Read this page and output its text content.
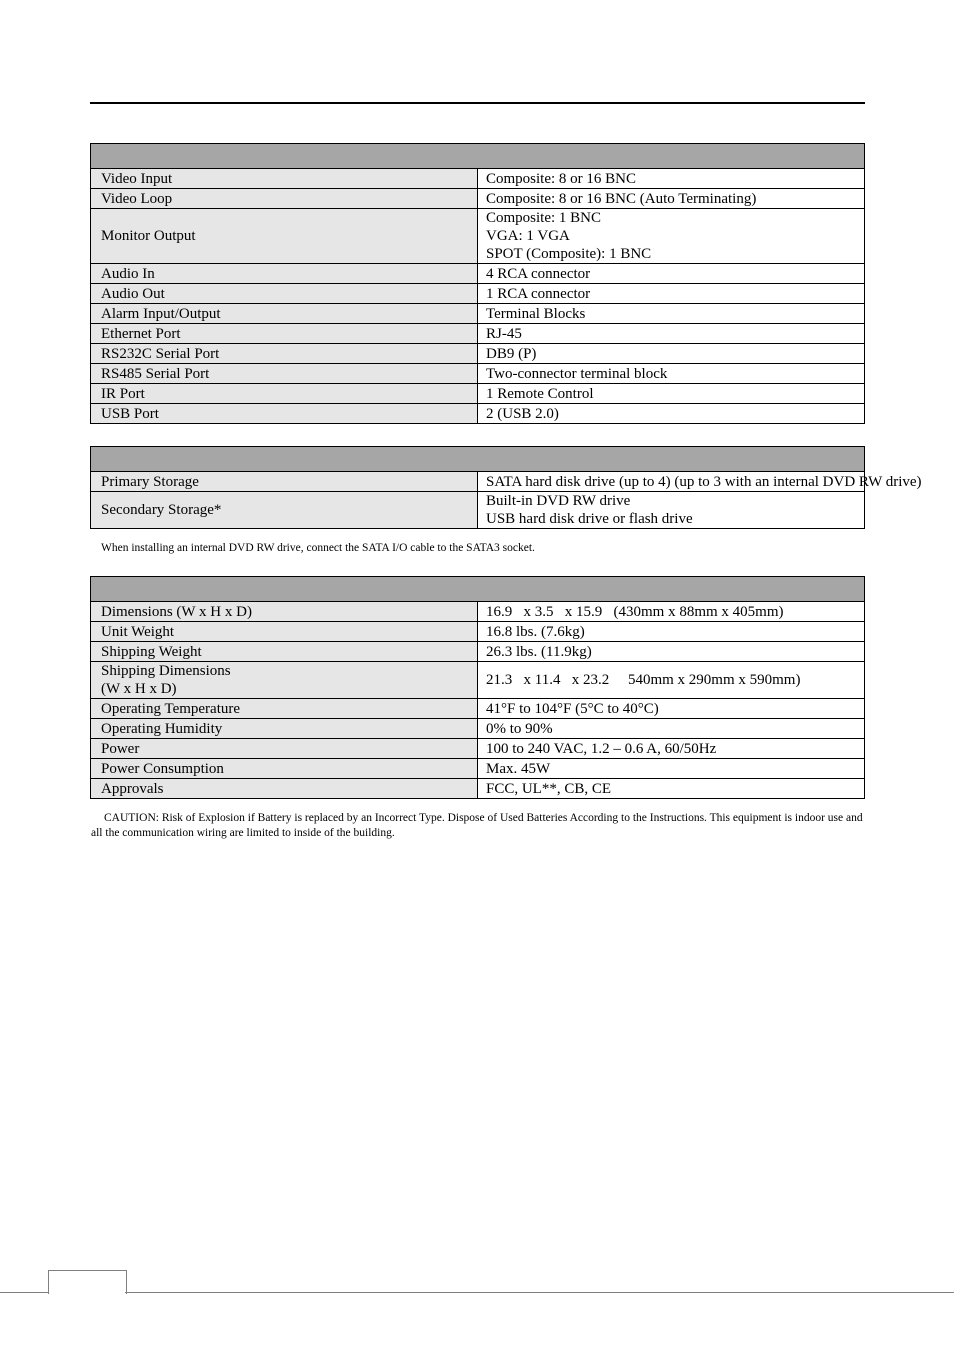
Video Input	Composite: 8 or 16 BNC

Video Loop	Composite: 8 or 16 BNC (Auto Terminating)

Monitor Output	Composite: 1 BNC
VGA: 1 VGA
SPOT (Composite): 1 BNC

Audio In	4 RCA connector

Audio Out	1 RCA connector

Alarm Input/Output	Terminal Blocks

Ethernet Port	RJ-45

RS232C Serial Port	DB9 (P)

RS485 Serial Port	Two-connector terminal block

IR Port	1 Remote Control

USB Port	2 (USB 2.0)

Primary Storage	SATA hard disk drive (up to 4) (up to 3 with an internal DVD RW drive)

Secondary Storage*	Built-in DVD RW drive
USB hard disk drive or flash drive
When installing an internal DVD RW drive, connect the SATA I/O cable to the SATA3 socket.

Dimensions (W x H x D)	16.9   x 3.5   x 15.9   (430mm x 88mm x 405mm)

Unit Weight	16.8 lbs. (7.6kg)

Shipping Weight	26.3 lbs. (11.9kg)

Shipping Dimensions
(W x H x D)	21.3   x 11.4   x 23.2     540mm x 290mm x 590mm)

Operating Temperature	41°F to 104°F (5°C to 40°C)

Operating Humidity	0% to 90%

Power	100 to 240 VAC, 1.2 – 0.6 A, 60/50Hz

Power Consumption	Max. 45W

Approvals	FCC, UL**, CB, CE
CAUTION: Risk of Explosion if Battery is replaced by an Incorrect Type. Dispose of Used Batteries According to the Instructions. This equipment is indoor use and all the communication wiring are limited to inside of the building.
